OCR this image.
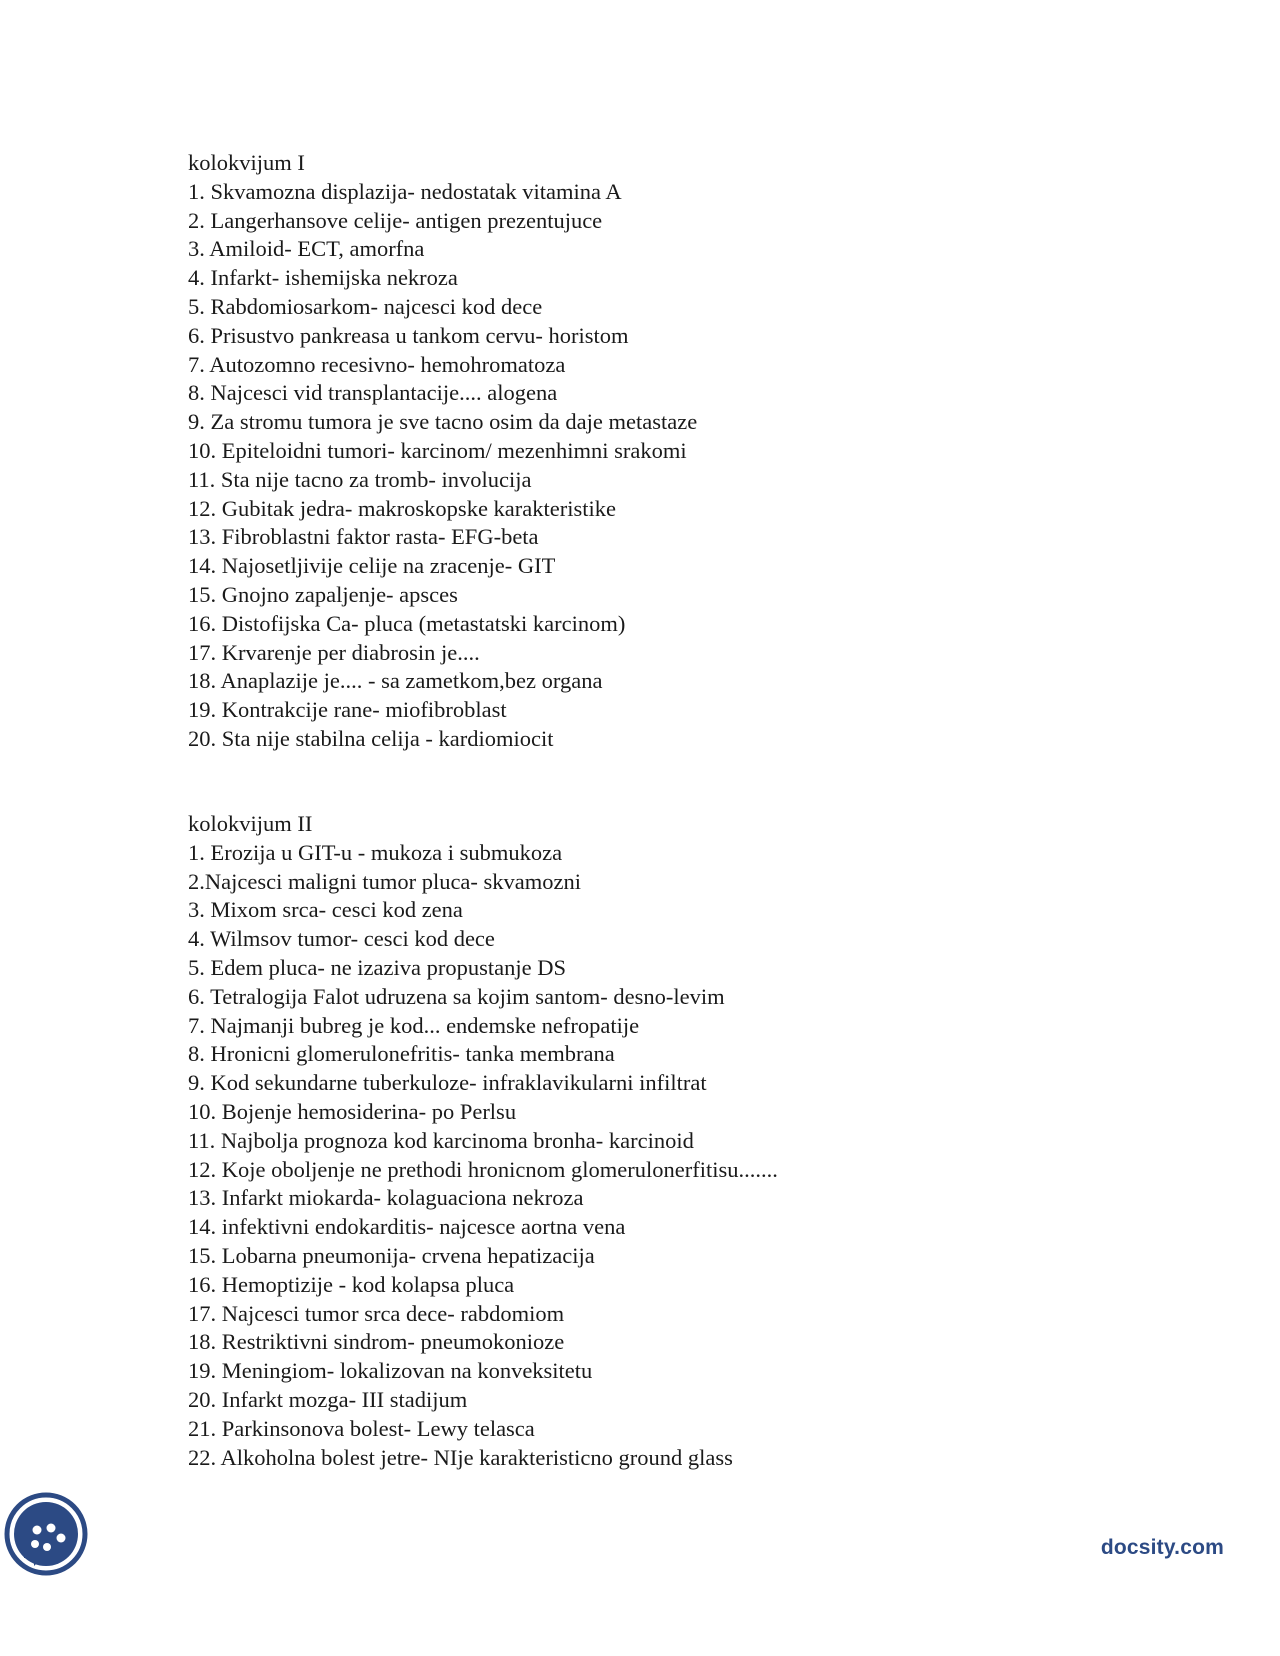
kolokvijum I
1. Skvamozna displazija- nedostatak vitamina A
2. Langerhansove celije- antigen prezentujuce
3. Amiloid- ECT, amorfna
4. Infarkt- ishemijska nekroza
5. Rabdomiosarkom- najcesci kod dece
6. Prisustvo pankreasa u tankom cervu- horistom
7. Autozomno recesivno- hemohromatoza
8. Najcesci vid transplantacije.... alogena
9. Za stromu tumora je sve tacno osim da daje metastaze
10. Epiteloidni tumori- karcinom/ mezenhimni srakomi
11. Sta nije tacno za tromb- involucija
12. Gubitak jedra- makroskopske karakteristike
13. Fibroblastni faktor rasta- EFG-beta
14. Najosetljivije celije na zracenje- GIT
15. Gnojno zapaljenje- apsces
16. Distofijska Ca- pluca (metastatski karcinom)
17. Krvarenje per diabrosin je....
18. Anaplazije je.... - sa zametkom,bez organa
19. Kontrakcije rane- miofibroblast
20. Sta nije stabilna celija - kardiomiocit
kolokvijum II
1. Erozija u GIT-u - mukoza i submukoza
2.Najcesci maligni tumor pluca- skvamozni
3. Mixom srca- cesci kod zena
4. Wilmsov tumor- cesci kod dece
5. Edem pluca- ne izaziva propustanje DS
6. Tetralogija Falot udruzena sa kojim santom- desno-levim
7. Najmanji bubreg je kod... endemske nefropatije
8. Hronicni glomerulonefritis- tanka membrana
9. Kod sekundarne tuberkuloze- infraklavikularni infiltrat
10. Bojenje hemosiderina- po Perlsu
11. Najbolja prognoza kod karcinoma bronha- karcinoid
12. Koje oboljenje ne prethodi hronicnom glomerulonerfitisu.......
13. Infarkt miokarda- kolaguaciona nekroza
14. infektivni endokarditis- najcesce aortna vena
15. Lobarna pneumonija- crvena hepatizacija
16. Hemoptizije - kod kolapsa pluca
17. Najcesci tumor srca dece- rabdomiom
18. Restriktivni sindrom- pneumokonioze
19. Meningiom- lokalizovan na konveksitetu
20. Infarkt mozga- III stadijum
21. Parkinsonova bolest- Lewy telasca
22. Alkoholna bolest jetre- NIje karakteristicno ground glass
docsity.com
